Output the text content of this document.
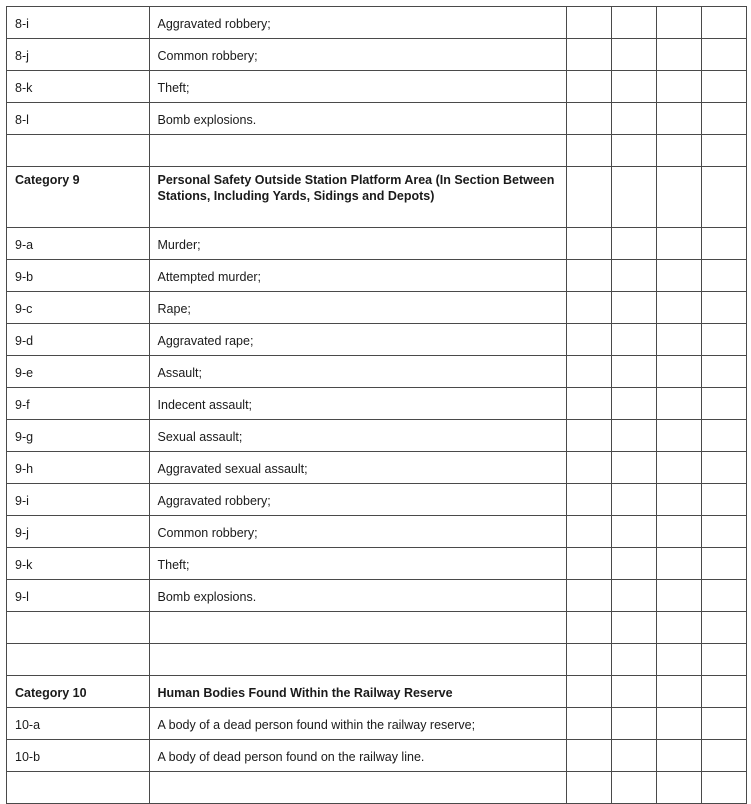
8-i	Aggravated robbery;				
8-j	Common robbery;				
8-k	Theft;				
8-l	Bomb explosions.				

Category 9	Personal Safety Outside Station Platform Area (In Section Between Stations, Including Yards, Sidings and Depots)				
9-a	Murder;				
9-b	Attempted murder;				
9-c	Rape;				
9-d	Aggravated rape;				
9-e	Assault;				
9-f	Indecent assault;				
9-g	Sexual assault;				
9-h	Aggravated sexual assault;				
9-i	Aggravated robbery;				
9-j	Common robbery;				
9-k	Theft;				
9-l	Bomb explosions.				

Category 10	Human Bodies Found Within the Railway Reserve				
10-a	A body of a dead person found within the railway reserve;				
10-b	A body of dead person found on the railway line.				
